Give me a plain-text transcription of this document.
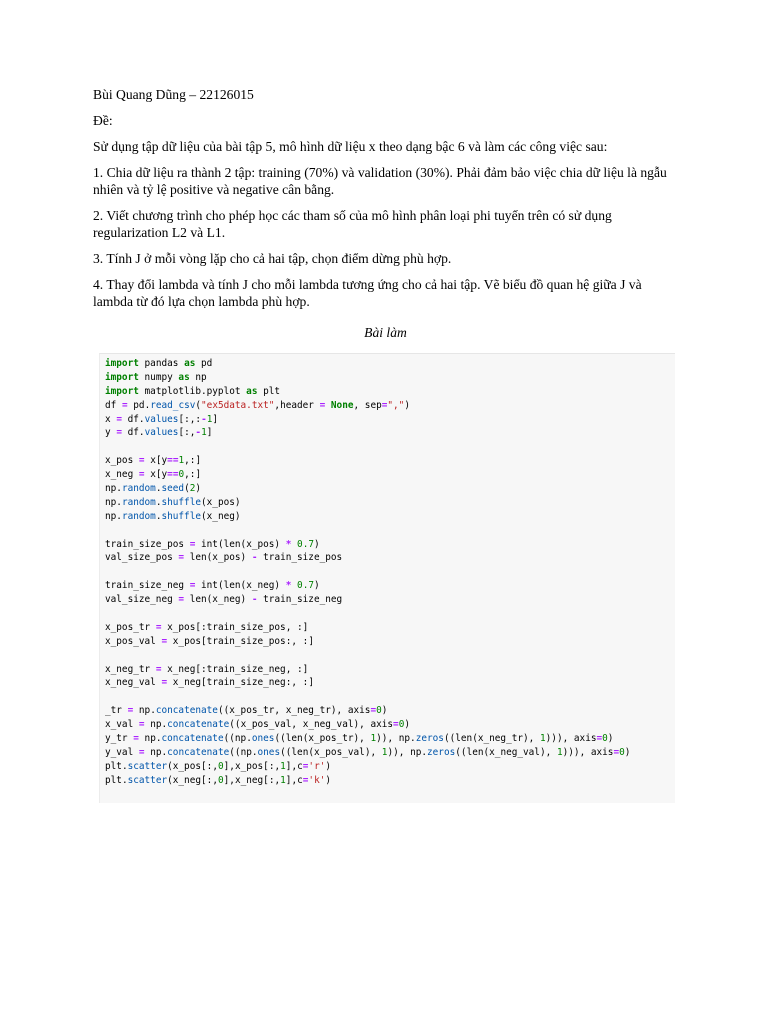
Bùi Quang Dũng – 22126015

Đề:

Sử dụng tập dữ liệu của bài tập 5, mô hình dữ liệu x theo dạng bậc 6 và làm các công việc sau:

1. Chia dữ liệu ra thành 2 tập: training (70%) và validation (30%). Phải đảm bảo việc chia dữ liệu là ngẫu nhiên và tỷ lệ positive và negative cân bằng.

2. Viết chương trình cho phép học các tham số của mô hình phân loại phi tuyến trên có sử dụng regularization L2 và L1.

3. Tính J ở mỗi vòng lặp cho cả hai tập, chọn điểm dừng phù hợp.

4. Thay đổi lambda và tính J cho mỗi lambda tương ứng cho cả hai tập. Vẽ biểu đồ quan hệ giữa J và lambda từ đó lựa chọn lambda phù hợp.

Bài làm

import pandas as pd
import numpy as np
import matplotlib.pyplot as plt
df = pd.read_csv("ex5data.txt",header = None, sep=",")
x = df.values[:,:-1]
y = df.values[:,-1]

x_pos = x[y==1,:]
x_neg = x[y==0,:]
np.random.seed(2)
np.random.shuffle(x_pos)
np.random.shuffle(x_neg)

train_size_pos = int(len(x_pos) * 0.7)
val_size_pos = len(x_pos) - train_size_pos

train_size_neg = int(len(x_neg) * 0.7)
val_size_neg = len(x_neg) - train_size_neg

x_pos_tr = x_pos[:train_size_pos, :]
x_pos_val = x_pos[train_size_pos:, :]

x_neg_tr = x_neg[:train_size_neg, :]
x_neg_val = x_neg[train_size_neg:, :]

_tr = np.concatenate((x_pos_tr, x_neg_tr), axis=0)
x_val = np.concatenate((x_pos_val, x_neg_val), axis=0)
y_tr = np.concatenate((np.ones((len(x_pos_tr), 1)), np.zeros((len(x_neg_tr), 1))), axis=0)
y_val = np.concatenate((np.ones((len(x_pos_val), 1)), np.zeros((len(x_neg_val), 1))), axis=0)
plt.scatter(x_pos[:,0],x_pos[:,1],c='r')
plt.scatter(x_neg[:,0],x_neg[:,1],c='k')
